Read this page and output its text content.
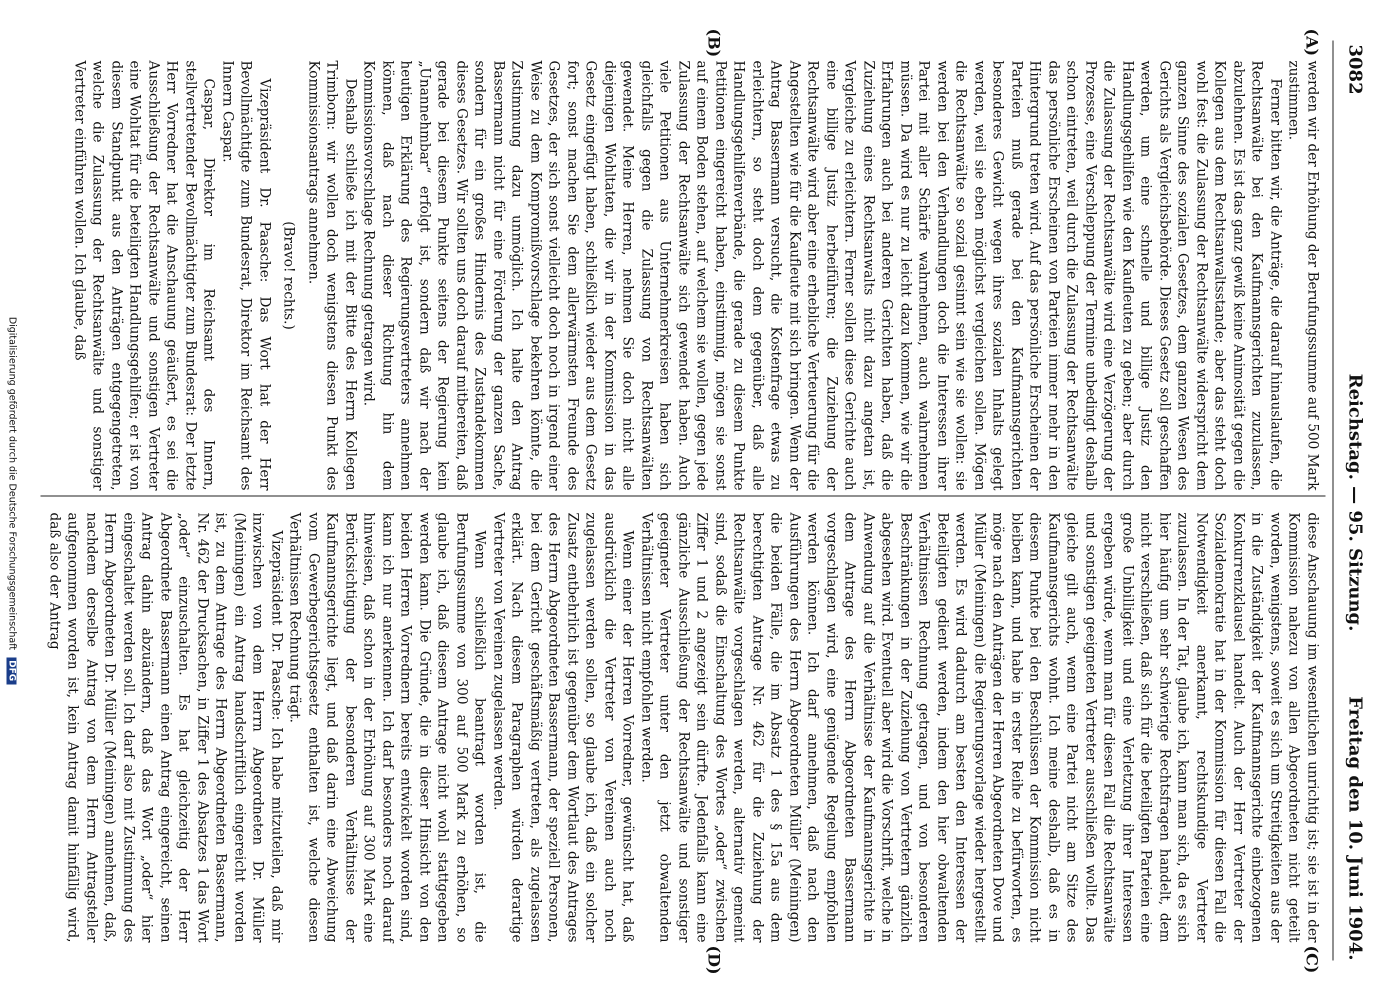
3082
Reichstag. — 95. Sitzung.
Freitag den 10. Juni 1904.
(A)
(B)
(C)
(D)

werden wir der Erhöhung der Berufungssumme auf 500 Mark zustimmen.

Ferner bitten wir, die Anträge, die darauf hinauslaufen, die Rechtsanwälte bei den Kaufmannsgerichten zuzulassen, abzulehnen. Es ist das ganz gewiß keine Animosität gegen die Kollegen aus dem Rechtsanwaltsstande; aber das steht doch wohl fest: die Zulassung der Rechtsanwälte widerspricht dem ganzen Sinne des sozialen Gesetzes, dem ganzen Wesen des Gerichts als Vergleichsbehörde. Dieses Gesetz soll geschaffen werden, um eine schnelle und billige Justiz den Handlungsgehilfen wie den Kaufleuten zu geben; aber durch die Zulassung der Rechtsanwälte wird eine Verzögerung der Prozesse, eine Verschleppung der Termine unbedingt deshalb schon eintreten, weil durch die Zulassung der Rechtsanwälte das persönliche Erscheinen von Parteien immer mehr in den Hintergrund treten wird. Auf das persönliche Erscheinen der Parteien muß gerade bei den Kaufmannsgerichten besonderes Gewicht wegen ihres sozialen Inhalts gelegt werden, weil sie eben möglichst vergleichen sollen. Mögen die Rechtsanwälte so sozial gesinnt sein wie sie wollen: sie werden bei den Verhandlungen doch die Interessen ihrer Partei mit aller Schärfe wahrnehmen, auch wahrnehmen müssen. Da wird es nur zu leicht dazu kommen, wie wir die Erfahrungen auch bei anderen Gerichten haben, daß die Zuziehung eines Rechtsanwalts nicht dazu angetan ist, Vergleiche zu erleichtern. Ferner sollen diese Gerichte auch eine billige Justiz herbeiführen; die Zuziehung der Rechtsanwälte wird aber eine erhebliche Verteuerung für die Angestellten wie für die Kaufleute mit sich bringen. Wenn der Antrag Bassermann versucht, die Kostenfrage etwas zu erleichtern, so steht doch dem gegenüber, daß alle Handlungsgehilfenverbände, die gerade zu diesem Punkte Petitionen eingereicht haben, einstimmig, mögen sie sonst auf einem Boden stehen, auf welchem sie wollen, gegen jede Zulassung der Rechtsanwälte sich gewendet haben. Auch viele Petitionen aus Unternehmerkreisen haben sich gleichfalls gegen die Zulassung von Rechtsanwälten gewendet. Meine Herren, nehmen Sie doch nicht alle diejenigen Wohltaten, die wir in der Kommission in das Gesetz eingefügt haben, schließlich wieder aus dem Gesetz fort; sonst machen Sie dem allerwärmsten Freunde des Gesetzes, der sich sonst vielleicht doch noch in irgend einer Weise zu dem Kompromißvorschlage bekehren könnte, die Zustimmung dazu unmöglich. Ich halte den Antrag Bassermann nicht für eine Förderung der ganzen Sache, sondern für ein großes Hindernis des Zustandekommen dieses Gesetzes. Wir sollten uns doch darauf mitbereiten, daß gerade bei diesem Punkte seitens der Regierung kein „Unannehmbar“ erfolgt ist, sondern daß wir nach der heutigen Erklärung des Regierungsvertreters annehmen können, daß nach dieser Richtung hin dem Kommissionsvorschlage Rechnung getragen wird.

Deshalb schließe ich mit der Bitte des Herrn Kollegen Trimborn: wir wollen doch wenigstens diesen Punkt des Kommissionsantrags annehmen.

(Bravo! rechts.)

Vizepräsident Dr. Paasche: Das Wort hat der Herr Bevollmächtigte zum Bundesrat, Direktor im Reichsamt des Innern Caspar.

Caspar, Direktor im Reichsamt des Innern, stellvertretender Bevollmächtigter zum Bundesrat: Der letzte Herr Vorredner hat die Anschauung geäußert, es sei die Ausschließung der Rechtsanwälte und sonstigen Vertreter eine Wohltat für die beteiligten Handlungsgehilfen; er ist von diesem Standpunkt aus den Anträgen entgegengetreten, welche die Zulassung der Rechtsanwälte und sonstiger Vertreter einführen wollen. Ich glaube, daß

diese Anschauung im wesentlichen unrichtig ist; sie ist in der Kommission nahezu von allen Abgeordneten nicht geteilt worden, wenigstens, soweit es sich um Streitigkeiten aus der in die Zuständigkeit der Kaufmannsgerichte einbezogenen Konkurrenzklausel handelt. Auch der Herr Vertreter der Sozialdemokratie hat in der Kommission für diesen Fall die Notwendigkeit anerkannt, rechtskundige Vertreter zuzulassen. In der Tat, glaube ich, kann man sich, da es sich hier häufig um sehr schwierige Rechtsfragen handelt, dem nicht verschließen, daß sich für die beteiligten Parteien eine große Unbilligkeit und eine Verletzung ihrer Interessen ergeben würde, wenn man für diesen Fall die Rechtsanwälte und sonstigen geeigneten Vertreter ausschließen wollte. Das gleiche gilt auch, wenn eine Partei nicht am Sitze des Kaufmannsgerichts wohnt. Ich meine deshalb, daß es in diesem Punkte bei den Beschlüssen der Kommission nicht bleiben kann, und habe in erster Reihe zu befürworten, es möge nach den Anträgen der Herren Abgeordneten Dove und Müller (Meiningen) die Regierungsvorlage wieder hergestellt werden. Es wird dadurch am besten den Interessen der Beteiligten gedient werden, indem den hier obwaltenden Verhältnissen Rechnung getragen, und von besonderen Beschränkungen in der Zuziehung von Vertretern gänzlich abgesehen wird. Eventuell aber wird die Vorschrift, welche in Anwendung auf die Verhältnisse der Kaufmannsgerichte in dem Antrage des Herrn Abgeordneten Bassermann vorgeschlagen wird, eine genügende Regelung empfohlen werden können. Ich darf annehmen, daß nach den Ausführungen des Herrn Abgeordneten Müller (Meiningen) die beiden Fälle, die im Absatz 1 des § 15a aus dem berechtigten Antrage Nr. 462 für die Zuziehung der Rechtsanwälte vorgeschlagen werden, alternativ gemeint sind, sodaß die Einschaltung des Wortes „oder“ zwischen Ziffer 1 und 2 angezeigt sein dürfte. Jedenfalls kann eine gänzliche Ausschließung der Rechtsanwälte und sonstiger geeigneter Vertreter unter den jetzt obwaltenden Verhältnissen nicht empfohlen werden.

Wenn einer der Herren Vorredner, gewünscht hat, daß ausdrücklich die Vertreter von Vereinen auch noch zugelassen werden sollen, so glaube ich, daß ein solcher Zusatz entbehrlich ist gegenüber dem Wortlaut des Antrages des Herrn Abgeordneten Bassermann, der speziell Personen, bei dem Gericht geschäftsmäßig vertreten, als zugelassen erklärt. Nach diesem Paragraphen würden derartige Vertreter von Vereinen zugelassen werden.

Wenn schließlich beantragt worden ist, die Berufungssumme von 300 auf 500 Mark zu erhöhen, so glaube ich, daß diesem Antrage nicht wohl stattgegeben werden kann. Die Gründe, die in dieser Hinsicht von den beiden Herren Vorrednern bereits entwickelt worden sind, kann ich nur anerkennen. Ich darf besonders noch darauf hinweisen, daß schon in der Erhöhung auf 300 Mark eine Berücksichtigung der besonderen Verhältnisse der Kaufmannsgerichte liegt, und daß darin eine Abweichung vom Gewerbegerichtsgesetz enthalten ist, welche diesen Verhältnissen Rechnung trägt.

Vizepräsident Dr. Paasche: Ich habe mitzuteilen, daß mir inzwischen von dem Herrn Abgeordneten Dr. Müller (Meiningen) ein Antrag handschriftlich eingereicht worden ist, zu dem Antrage des Herrn Abgeordneten Bassermann, Nr. 462 der Drucksachen, in Ziffer 1 des Absatzes 1 das Wort „oder“ einzuschalten. Es hat gleichzeitig der Herr Abgeordnete Bassermann einen Antrag eingereicht, seinen Antrag dahin abzuändern, daß das Wort „oder“ hier eingeschaltet werden soll. Ich darf also mit Zustimmung des Herrn Abgeordneten Dr. Müller (Meiningen) annehmen, daß, nachdem derselbe Antrag von dem Herrn Antragsteller aufgenommen worden ist, kein Antrag damit hinfällig wird, daß also der Antrag

Digitalisierung gefördert durch die Deutsche Forschungsgemeinschaft DFG
